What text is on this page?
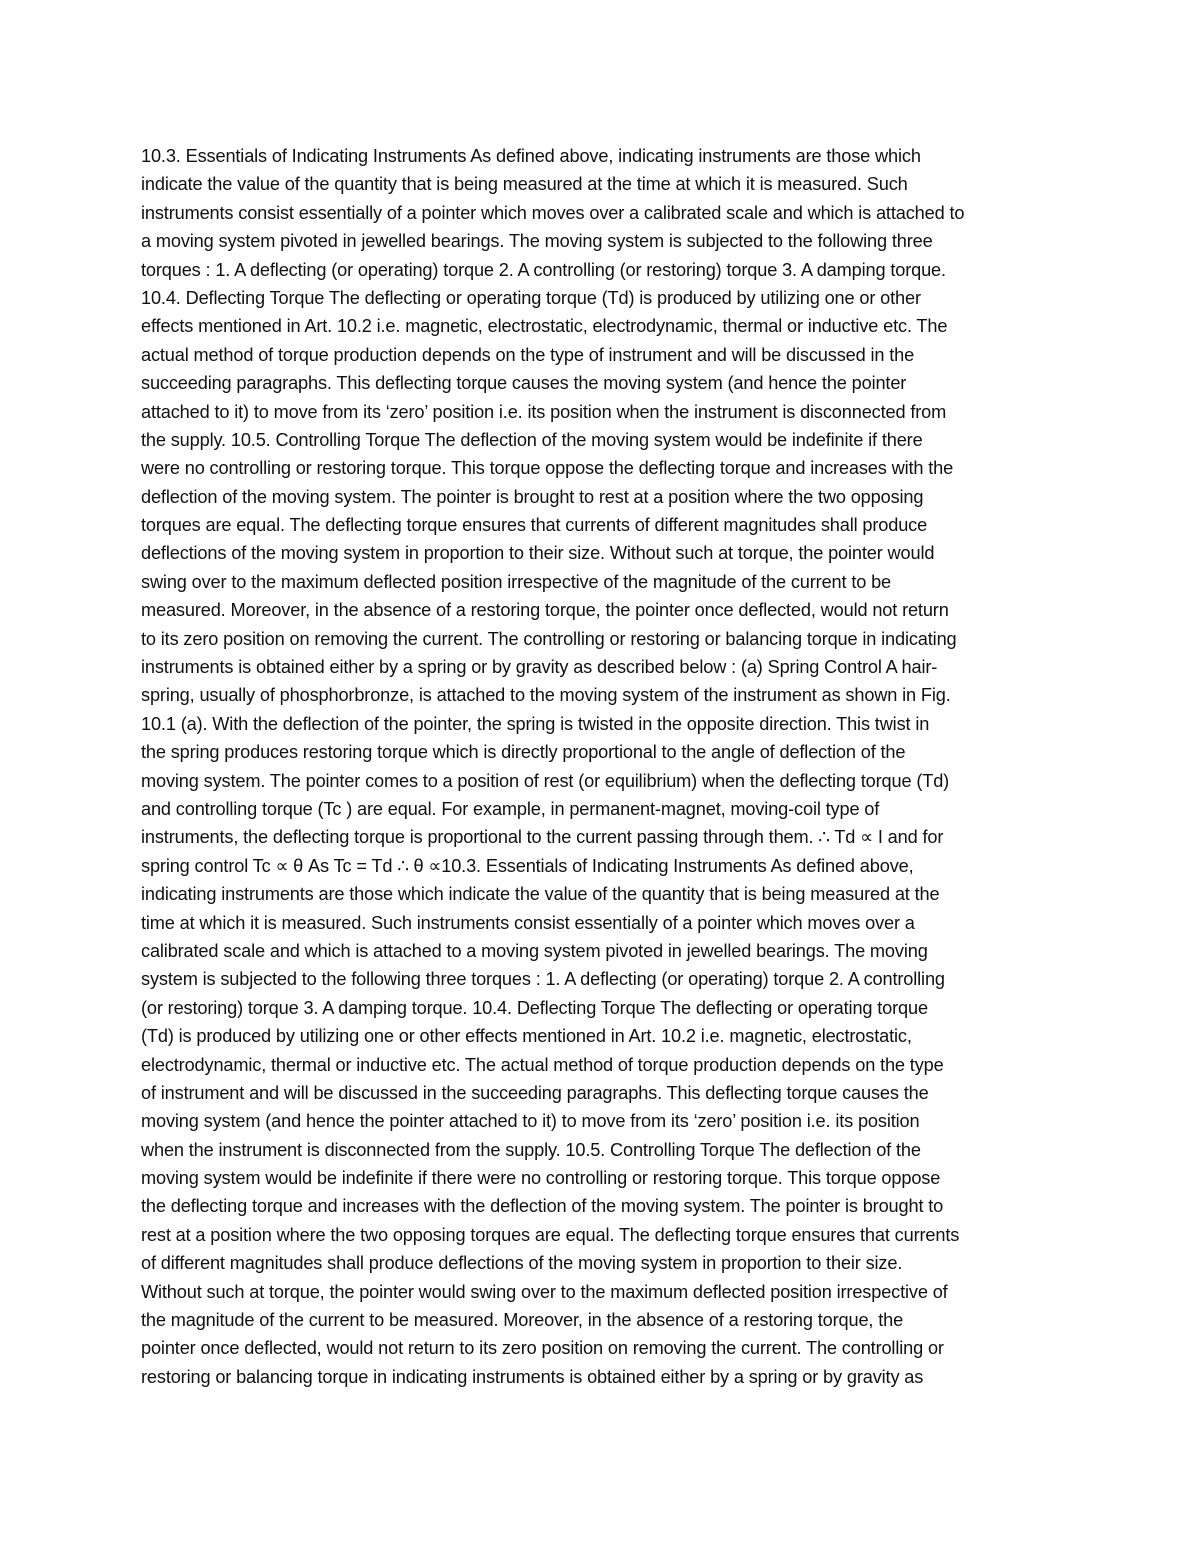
10.3. Essentials of Indicating Instruments As defined above, indicating instruments are those which
indicate the value of the quantity that is being measured at the time at which it is measured. Such
instruments consist essentially of a pointer which moves over a calibrated scale and which is attached to
a moving system pivoted in jewelled bearings. The moving system is subjected to the following three
torques : 1. A deflecting (or operating) torque 2. A controlling (or restoring) torque 3. A damping torque.
10.4. Deflecting Torque The deflecting or operating torque (Td) is produced by utilizing one or other
effects mentioned in Art. 10.2 i.e. magnetic, electrostatic, electrodynamic, thermal or inductive etc. The
actual method of torque production depends on the type of instrument and will be discussed in the
succeeding paragraphs. This deflecting torque causes the moving system (and hence the pointer
attached to it) to move from its ‘zero’ position i.e. its position when the instrument is disconnected from
the supply. 10.5. Controlling Torque The deflection of the moving system would be indefinite if there
were no controlling or restoring torque. This torque oppose the deflecting torque and increases with the
deflection of the moving system. The pointer is brought to rest at a position where the two opposing
torques are equal. The deflecting torque ensures that currents of different magnitudes shall produce
deflections of the moving system in proportion to their size. Without such at torque, the pointer would
swing over to the maximum deflected position irrespective of the magnitude of the current to be
measured. Moreover, in the absence of a restoring torque, the pointer once deflected, would not return
to its zero position on removing the current. The controlling or restoring or balancing torque in indicating
instruments is obtained either by a spring or by gravity as described below : (a) Spring Control A hair-
spring, usually of phosphorbronze, is attached to the moving system of the instrument as shown in Fig.
10.1 (a). With the deflection of the pointer, the spring is twisted in the opposite direction. This twist in
the spring produces restoring torque which is directly proportional to the angle of deflection of the
moving system. The pointer comes to a position of rest (or equilibrium) when the deflecting torque (Td)
and controlling torque (Tc ) are equal. For example, in permanent-magnet, moving-coil type of
instruments, the deflecting torque is proportional to the current passing through them. ∴ Td ∝ I and for
spring control Tc ∝ θ As Tc = Td ∴ θ ∝10.3. Essentials of Indicating Instruments As defined above,
indicating instruments are those which indicate the value of the quantity that is being measured at the
time at which it is measured. Such instruments consist essentially of a pointer which moves over a
calibrated scale and which is attached to a moving system pivoted in jewelled bearings. The moving
system is subjected to the following three torques : 1. A deflecting (or operating) torque 2. A controlling
(or restoring) torque 3. A damping torque. 10.4. Deflecting Torque The deflecting or operating torque
(Td) is produced by utilizing one or other effects mentioned in Art. 10.2 i.e. magnetic, electrostatic,
electrodynamic, thermal or inductive etc. The actual method of torque production depends on the type
of instrument and will be discussed in the succeeding paragraphs. This deflecting torque causes the
moving system (and hence the pointer attached to it) to move from its ‘zero’ position i.e. its position
when the instrument is disconnected from the supply. 10.5. Controlling Torque The deflection of the
moving system would be indefinite if there were no controlling or restoring torque. This torque oppose
the deflecting torque and increases with the deflection of the moving system. The pointer is brought to
rest at a position where the two opposing torques are equal. The deflecting torque ensures that currents
of different magnitudes shall produce deflections of the moving system in proportion to their size.
Without such at torque, the pointer would swing over to the maximum deflected position irrespective of
the magnitude of the current to be measured. Moreover, in the absence of a restoring torque, the
pointer once deflected, would not return to its zero position on removing the current. The controlling or
restoring or balancing torque in indicating instruments is obtained either by a spring or by gravity as
